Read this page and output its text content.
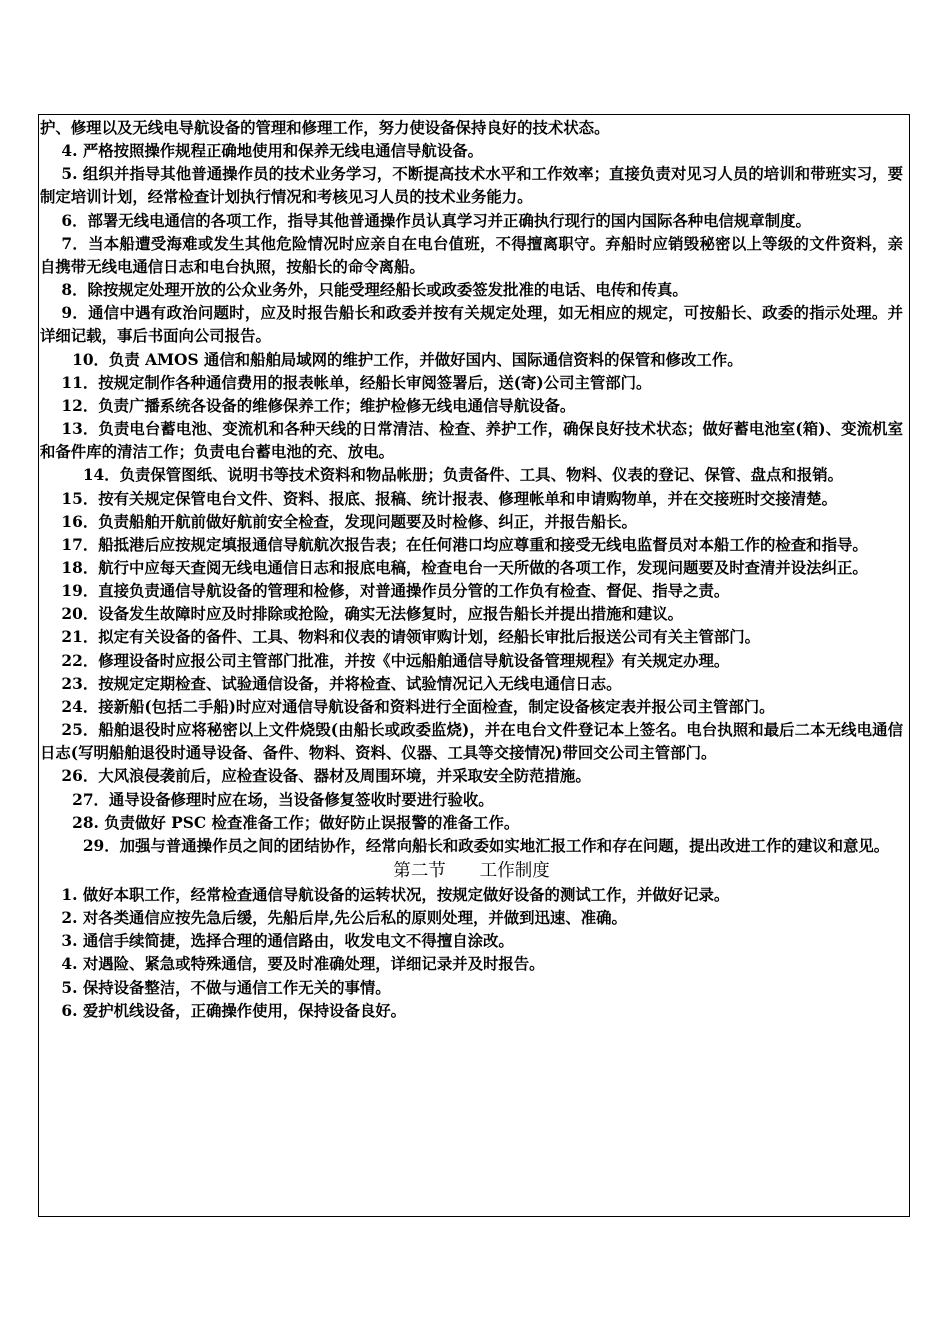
护、修理以及无线电导航设备的管理和修理工作，努力使设备保持良好的技术状态。

4. 严格按照操作规程正确地使用和保养无线电通信导航设备。

5. 组织并指导其他普通操作员的技术业务学习，不断提高技术水平和工作效率；直接负责对见习人员的培训和带班实习，要制定培训计划，经常检查计划执行情况和考核见习人员的技术业务能力。

6．部署无线电通信的各项工作，指导其他普通操作员认真学习并正确执行现行的国内国际各种电信规章制度。

7．当本船遭受海难或发生其他危险情况时应亲自在电台值班，不得擅离职守。弃船时应销毁秘密以上等级的文件资料，亲自携带无线电通信日志和电台执照，按船长的命令离船。

8．除按规定处理开放的公众业务外，只能受理经船长或政委签发批准的电话、电传和传真。

9．通信中遇有政治问题时，应及时报告船长和政委并按有关规定处理，如无相应的规定，可按船长、政委的指示处理。并详细记载，事后书面向公司报告。

10．负责 AMOS 通信和船舶局域网的维护工作，并做好国内、国际通信资料的保管和修改工作。

11．按规定制作各种通信费用的报表帐单，经船长审阅签署后，送(寄)公司主管部门。

12．负责广播系统各设备的维修保养工作；维护检修无线电通信导航设备。

13．负责电台蓄电池、变流机和各种天线的日常清洁、检查、养护工作，确保良好技术状态；做好蓄电池室(箱)、变流机室和备件库的清洁工作；负责电台蓄电池的充、放电。

14．负责保管图纸、说明书等技术资料和物品帐册；负责备件、工具、物料、仪表的登记、保管、盘点和报销。

15．按有关规定保管电台文件、资料、报底、报稿、统计报表、修理帐单和申请购物单，并在交接班时交接清楚。

16．负责船舶开航前做好航前安全检查，发现问题要及时检修、纠正，并报告船长。

17．船抵港后应按规定填报通信导航航次报告表；在任何港口均应尊重和接受无线电监督员对本船工作的检查和指导。

18．航行中应每天查阅无线电通信日志和报底电稿，检查电台一天所做的各项工作，发现问题要及时查清并设法纠正。

19．直接负责通信导航设备的管理和检修，对普通操作员分管的工作负有检查、督促、指导之责。

20．设备发生故障时应及时排除或抢险，确实无法修复时，应报告船长并提出措施和建议。

21．拟定有关设备的备件、工具、物料和仪表的请领审购计划，经船长审批后报送公司有关主管部门。

22．修理设备时应报公司主管部门批准，并按《中远船舶通信导航设备管理规程》有关规定办理。

23．按规定定期检查、试验通信设备，并将检查、试验情况记入无线电通信日志。

24．接新船(包括二手船)时应对通信导航设备和资料进行全面检查，制定设备核定表并报公司主管部门。

25．船舶退役时应将秘密以上文件烧毁(由船长或政委监烧)，并在电台文件登记本上签名。电台执照和最后二本无线电通信日志(写明船舶退役时通导设备、备件、物料、资料、仪器、工具等交接情况)带回交公司主管部门。

26．大风浪侵袭前后，应检查设备、器材及周围环境，并采取安全防范措施。

27．通导设备修理时应在场，当设备修复签收时要进行验收。

28. 负责做好 PSC 检查准备工作；做好防止误报警的准备工作。

29．加强与普通操作员之间的团结协作，经常向船长和政委如实地汇报工作和存在问题，提出改进工作的建议和意见。

第二节 工作制度

1. 做好本职工作，经常检查通信导航设备的运转状况，按规定做好设备的测试工作，并做好记录。

2. 对各类通信应按先急后缓，先船后岸,先公后私的原则处理，并做到迅速、准确。

3. 通信手续简捷，选择合理的通信路由，收发电文不得擅自涂改。

4. 对遇险、紧急或特殊通信，要及时准确处理，详细记录并及时报告。

5. 保持设备整洁，不做与通信工作无关的事情。

6. 爱护机线设备，正确操作使用，保持设备良好。
